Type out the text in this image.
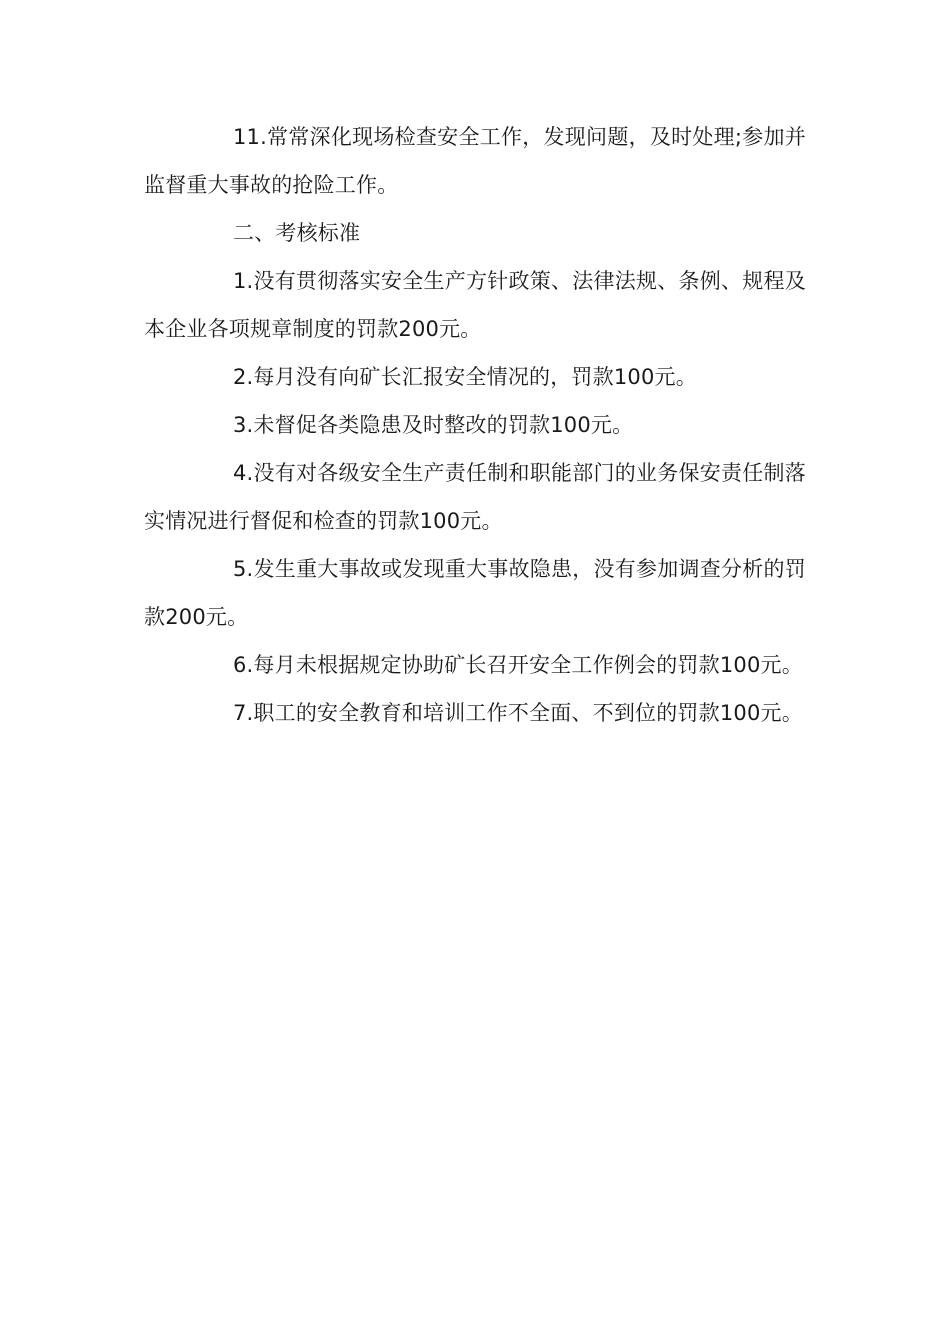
11.常常深化现场检查安全工作，发现问题，及时处理;参加并监督重大事故的抢险工作。

二、考核标准

1.没有贯彻落实安全生产方针政策、法律法规、条例、规程及本企业各项规章制度的罚款200元。

2.每月没有向矿长汇报安全情况的，罚款100元。

3.未督促各类隐患及时整改的罚款100元。

4.没有对各级安全生产责任制和职能部门的业务保安责任制落实情况进行督促和检查的罚款100元。

5.发生重大事故或发现重大事故隐患，没有参加调查分析的罚款200元。

6.每月未根据规定协助矿长召开安全工作例会的罚款100元。

7.职工的安全教育和培训工作不全面、不到位的罚款100元。
